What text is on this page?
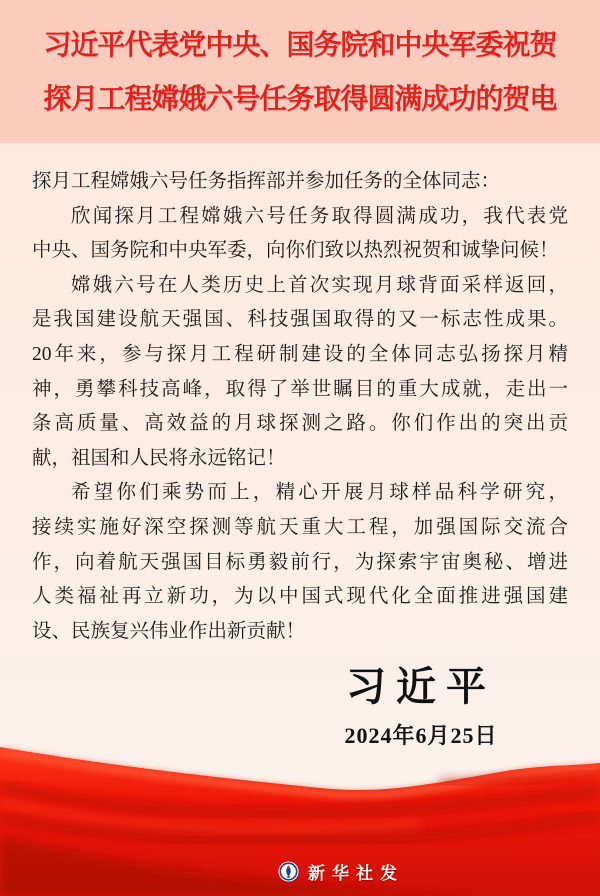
习近平代表党中央、国务院和中央军委祝贺
探月工程嫦娥六号任务取得圆满成功的贺电
探月工程嫦娥六号任务指挥部并参加任务的全体同志：
欣闻探月工程嫦娥六号任务取得圆满成功，我代表党
中央、国务院和中央军委，向你们致以热烈祝贺和诚挚问候！
嫦娥六号在人类历史上首次实现月球背面采样返回，
是我国建设航天强国、科技强国取得的又一标志性成果。
20年来，参与探月工程研制建设的全体同志弘扬探月精
神，勇攀科技高峰，取得了举世瞩目的重大成就，走出一
条高质量、高效益的月球探测之路。你们作出的突出贡
献，祖国和人民将永远铭记！
希望你们乘势而上，精心开展月球样品科学研究，
接续实施好深空探测等航天重大工程，加强国际交流合
作，向着航天强国目标勇毅前行，为探索宇宙奥秘、增进
人类福祉再立新功，为以中国式现代化全面推进强国建
设、民族复兴伟业作出新贡献！
习近平
2024年6月25日
新华社发
